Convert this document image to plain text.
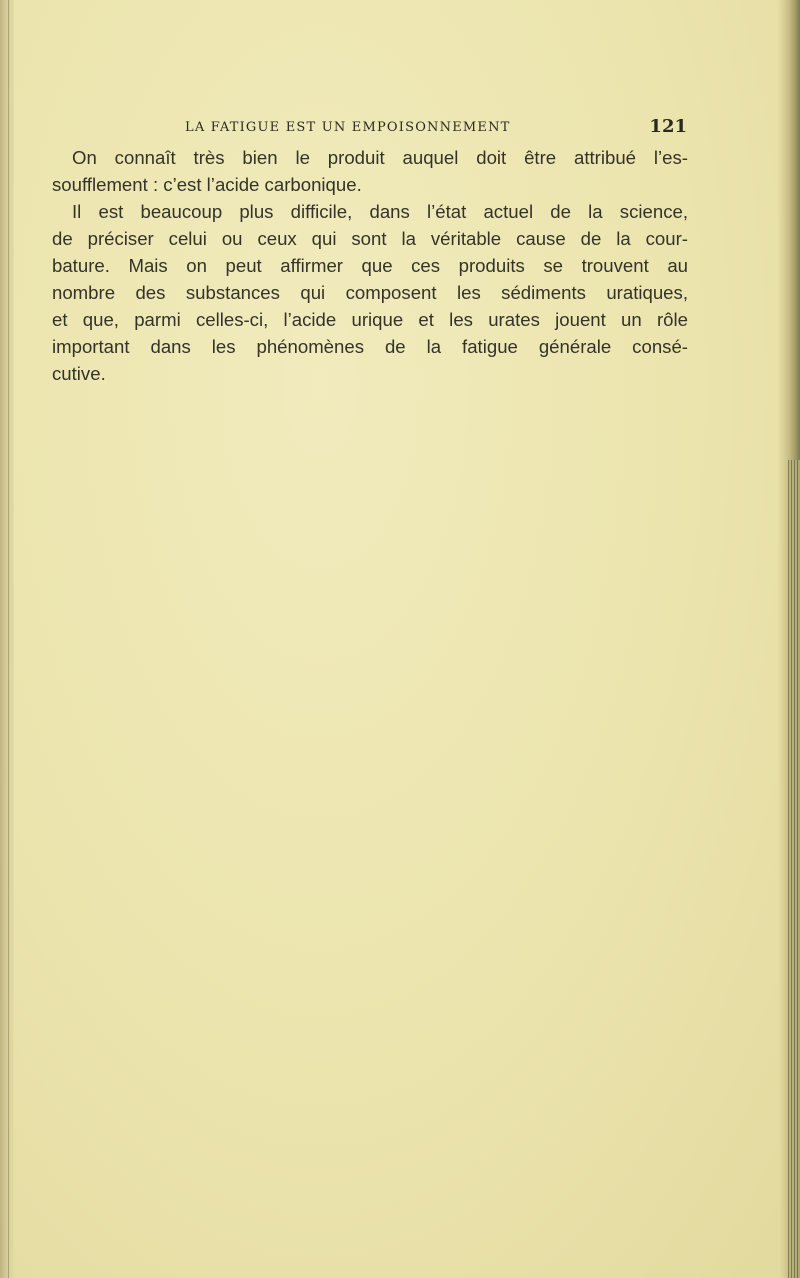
LA FATIGUE EST UN EMPOISONNEMENT	121

On connaît très bien le produit auquel doit être attribué l’es-
soufflement : c’est l’acide carbonique.

Il est beaucoup plus difficile, dans l’état actuel de la science,
de préciser celui ou ceux qui sont la véritable cause de la cour-
bature. Mais on peut affirmer que ces produits se trouvent au
nombre des substances qui composent les sédiments uratiques,
et que, parmi celles-ci, l’acide urique et les urates jouent un rôle
important dans les phénomènes de la fatigue générale consé-
cutive.
